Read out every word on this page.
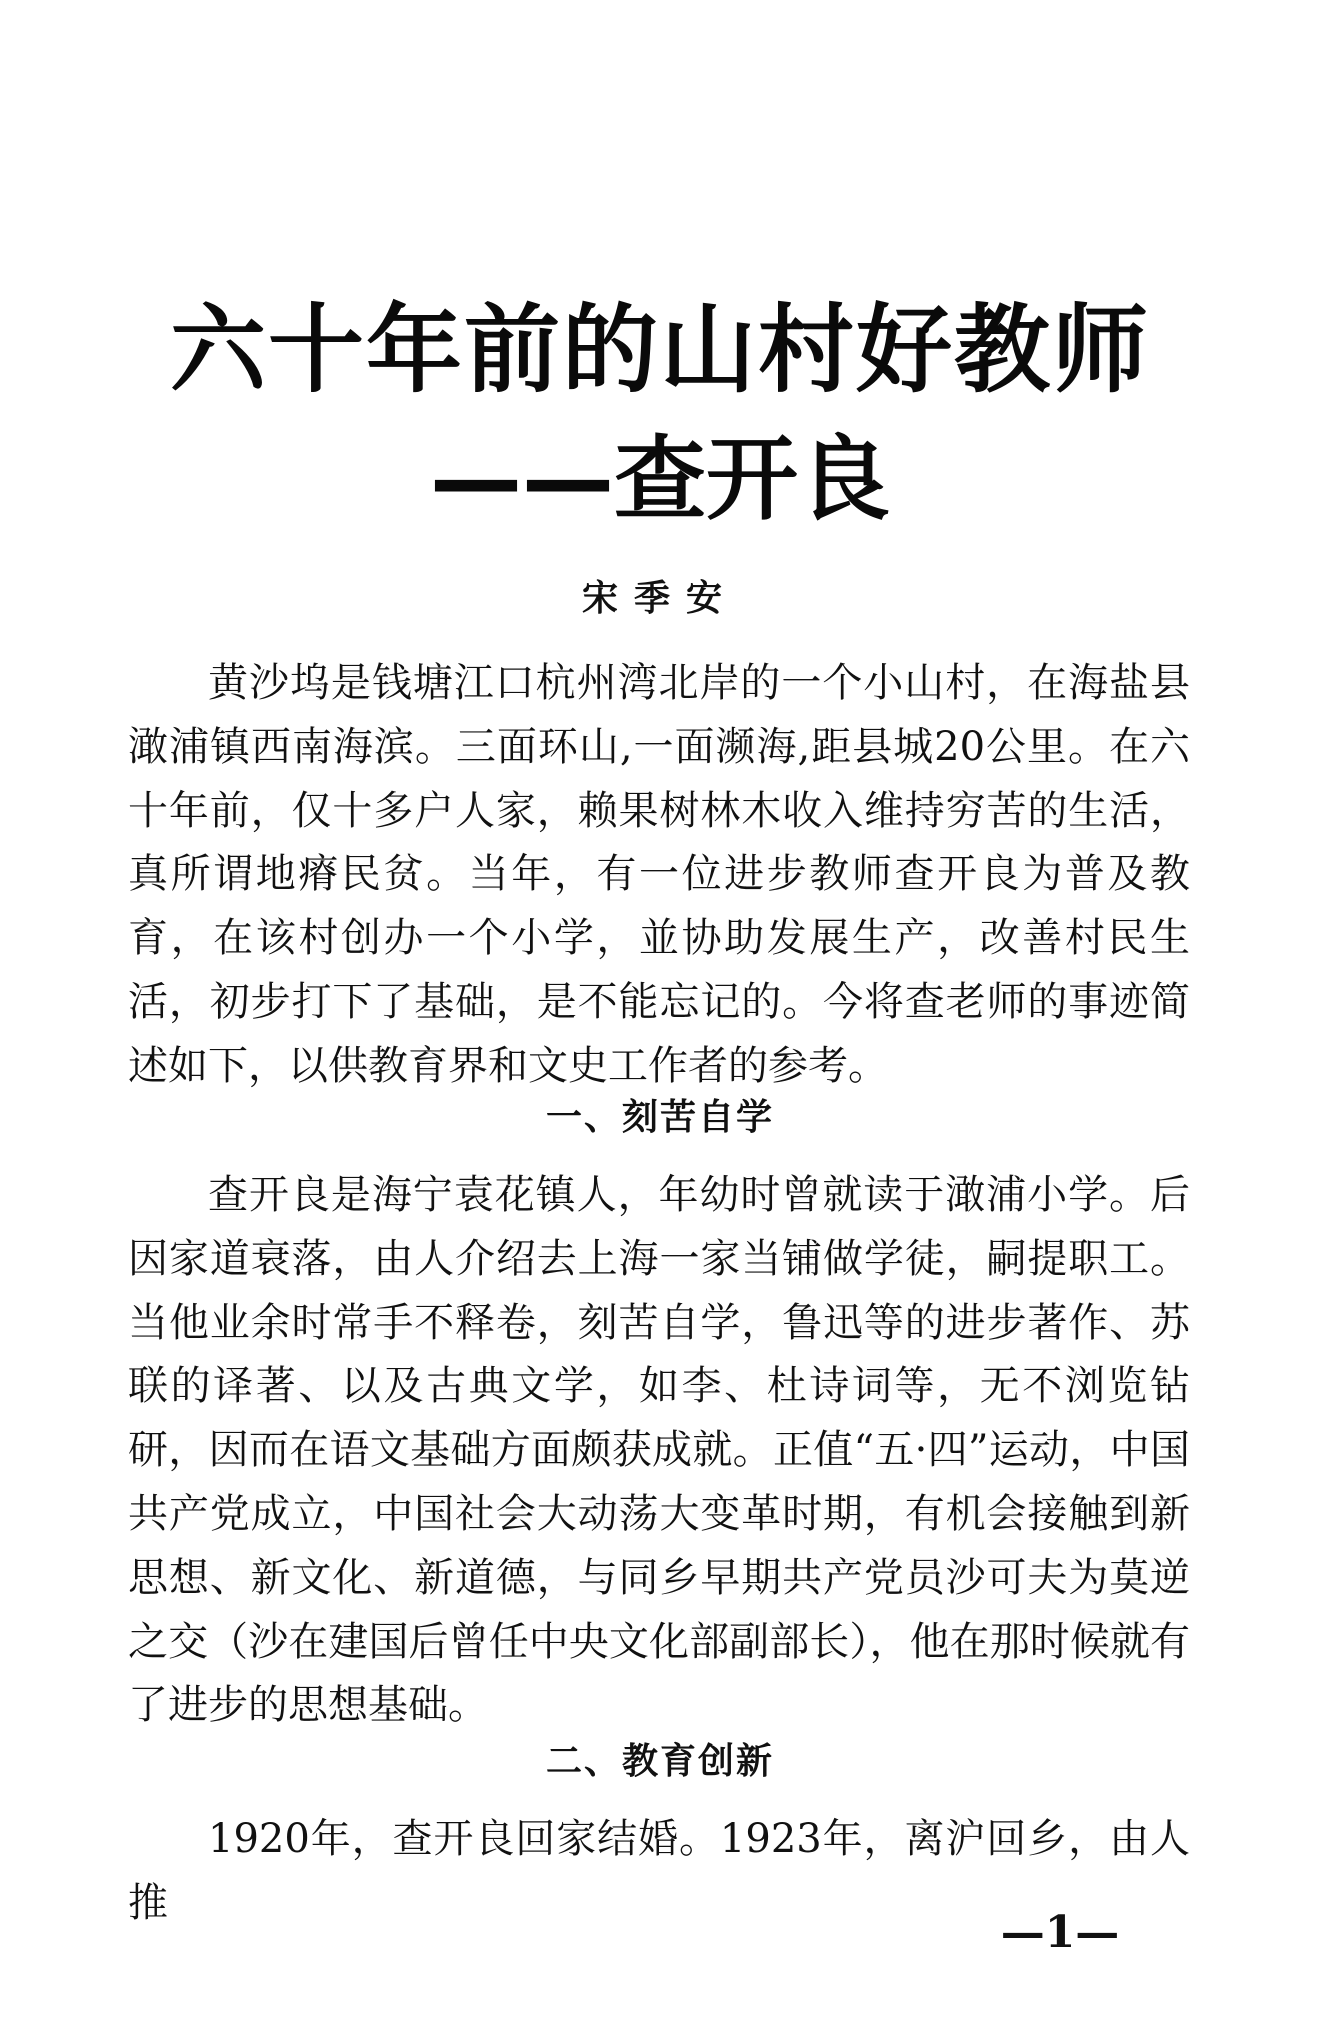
六十年前的山村好教师
——查开良
宋季安

黄沙坞是钱塘江口杭州湾北岸的一个小山村，在海盐县澉浦镇西南海滨。三面环山,一面濒海,距县城20公里。在六十年前，仅十多户人家，赖果树林木收入维持穷苦的生活，真所谓地瘠民贫。当年，有一位进步教师查开良为普及教育，在该村创办一个小学，並协助发展生产，改善村民生活，初步打下了基础，是不能忘记的。今将查老师的事迹简述如下，以供教育界和文史工作者的参考。

一、刻苦自学

查开良是海宁袁花镇人，年幼时曾就读于澉浦小学。后因家道衰落，由人介绍去上海一家当铺做学徒，嗣提职工。当他业余时常手不释卷，刻苦自学，鲁迅等的进步著作、苏联的译著、以及古典文学，如李、杜诗词等，无不浏览钻研，因而在语文基础方面颇获成就。正值“五·四”运动，中国共产党成立，中国社会大动荡大变革时期，有机会接触到新思想、新文化、新道德，与同乡早期共产党员沙可夫为莫逆之交（沙在建国后曾任中央文化部副部长），他在那时候就有了进步的思想基础。

二、教育创新

1920年，查开良回家结婚。1923年，离沪回乡，由人推

—1—
